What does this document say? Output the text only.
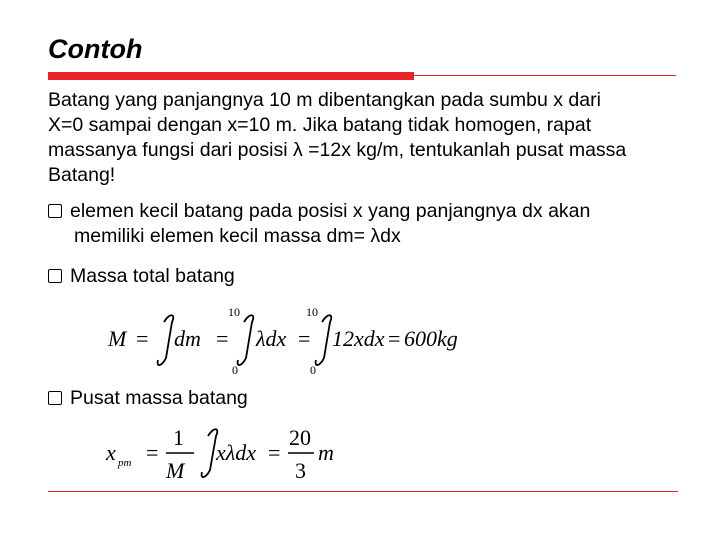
Contoh
Batang yang panjangnya 10 m dibentangkan pada sumbu x dari
X=0 sampai dengan x=10 m. Jika batang tidak homogen, rapat
massanya fungsi dari posisi λ =12x kg/m, tentukanlah pusat massa
Batang!
elemen kecil batang pada posisi x yang panjangnya dx akan
memiliki elemen kecil massa dm= λdx
Massa total batang
M = dm =
10
0
λdx =
10
0
12xdx = 600kg
Pusat massa batang
x pm =
1
M
xλdx =
20
3
m
